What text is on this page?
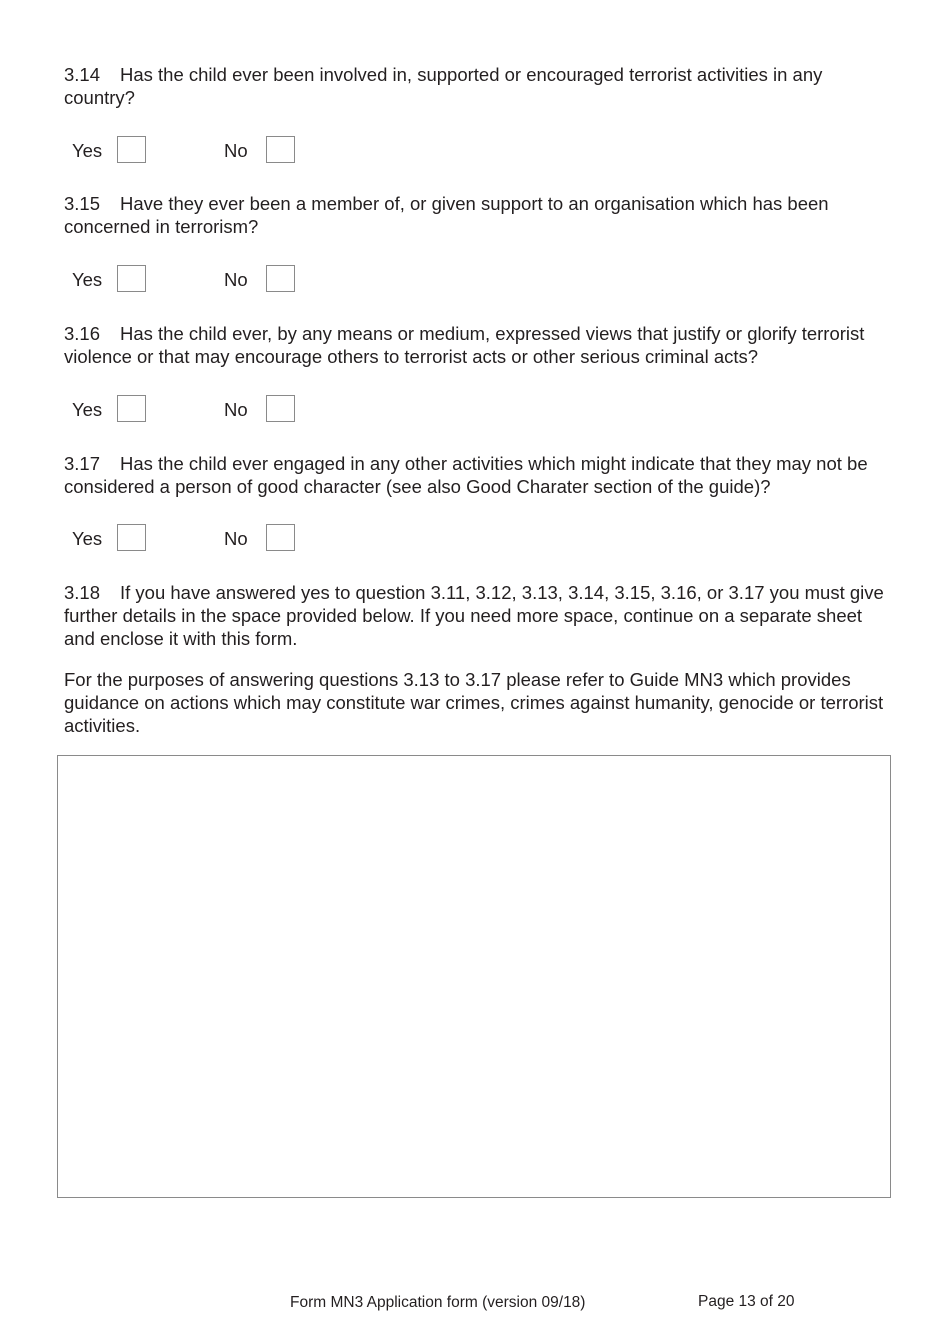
3.14 Has the child ever been involved in, supported or encouraged terrorist activities in any country?
Yes	No
3.15 Have they ever been a member of, or given support to an organisation which has been concerned in terrorism?
Yes	No
3.16 Has the child ever, by any means or medium, expressed views that justify or glorify terrorist violence or that may encourage others to terrorist acts or other serious criminal acts?
Yes	No
3.17 Has the child ever engaged in any other activities which might indicate that they may not be considered a person of good character (see also Good Charater section of the guide)?
Yes	No
3.18 If you have answered yes to question 3.11, 3.12, 3.13, 3.14, 3.15, 3.16, or 3.17 you must give further details in the space provided below. If you need more space, continue on a separate sheet and enclose it with this form.
For the purposes of answering questions 3.13 to 3.17 please refer to Guide MN3 which provides guidance on actions which may constitute war crimes, crimes against humanity, genocide or terrorist activities.
Form MN3 Application form (version 09/18)	Page 13 of 20
